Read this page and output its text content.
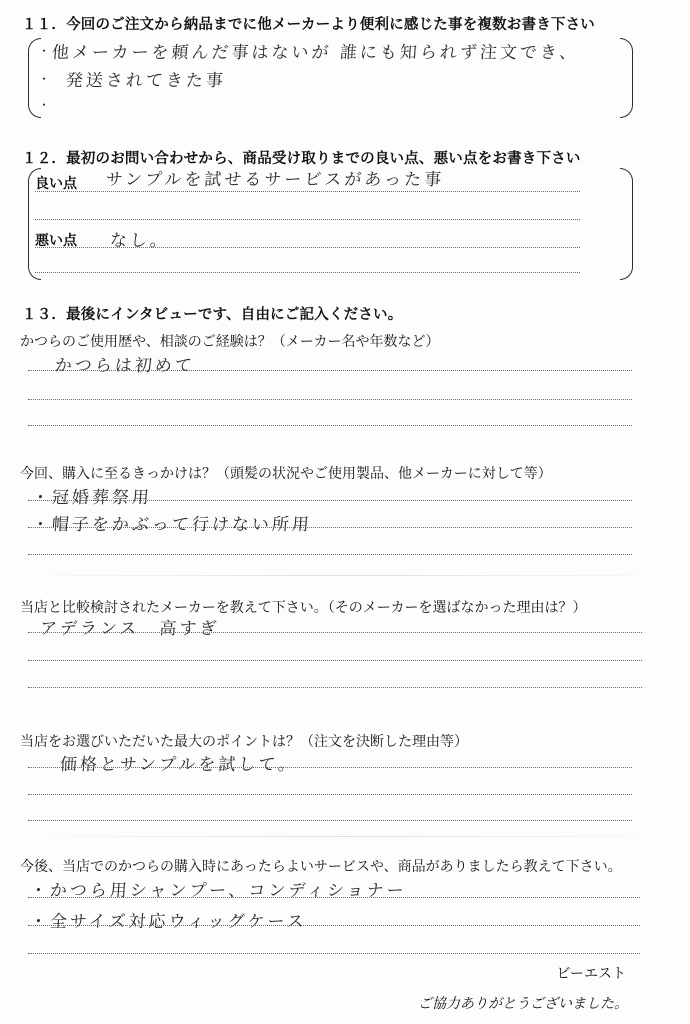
１１．今回のご注文から納品までに他メーカーより便利に感じた事を複数お書き下さい
・ 他メーカーを頼んだ事はないが 誰にも知られず注文でき、
・ 発送されてきた事
・
１２．最初のお問い合わせから、商品受け取りまでの良い点、悪い点をお書き下さい
良い点 サンプルを試せるサービスがあった事
悪い点 なし。
１３．最後にインタビューです、自由にご記入ください。
かつらのご使用歴や、相談のご経験は？（メーカー名や年数など）
かつらは初めて
今回、購入に至るきっかけは？（頭髪の状況やご使用製品、他メーカーに対して等）
・冠婚葬祭用
・帽子をかぶって行けない所用
当店と比較検討されたメーカーを教えて下さい。（そのメーカーを選ばなかった理由は？）
アデランス　高すぎ
当店をお選びいただいた最大のポイントは？（注文を決断した理由等）
価格とサンプルを試して。
今後、当店でのかつらの購入時にあったらよいサービスや、商品がありましたら教えて下さい。
・かつら用シャンプー、コンディショナー
・全サイズ対応ウィッグケース
ビーエスト
ご協力ありがとうございました。
